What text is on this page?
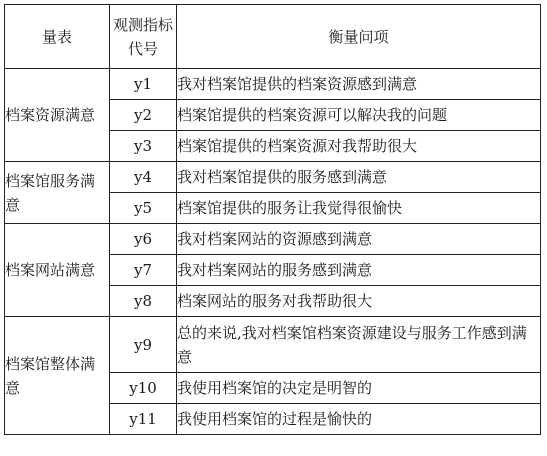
量表	观测指标代号	衡量问项
档案资源满意	y1	我对档案馆提供的档案资源感到满意
	y2	档案馆提供的档案资源可以解决我的问题
	y3	档案馆提供的档案资源对我帮助很大
档案馆服务满意	y4	我对档案馆提供的服务感到满意
	y5	档案馆提供的服务让我觉得很愉快
档案网站满意	y6	我对档案网站的资源感到满意
	y7	我对档案网站的服务感到满意
	y8	档案网站的服务对我帮助很大
档案馆整体满意	y9	总的来说,我对档案馆档案资源建设与服务工作感到满意
	y10	我使用档案馆的决定是明智的
	y11	我使用档案馆的过程是愉快的
